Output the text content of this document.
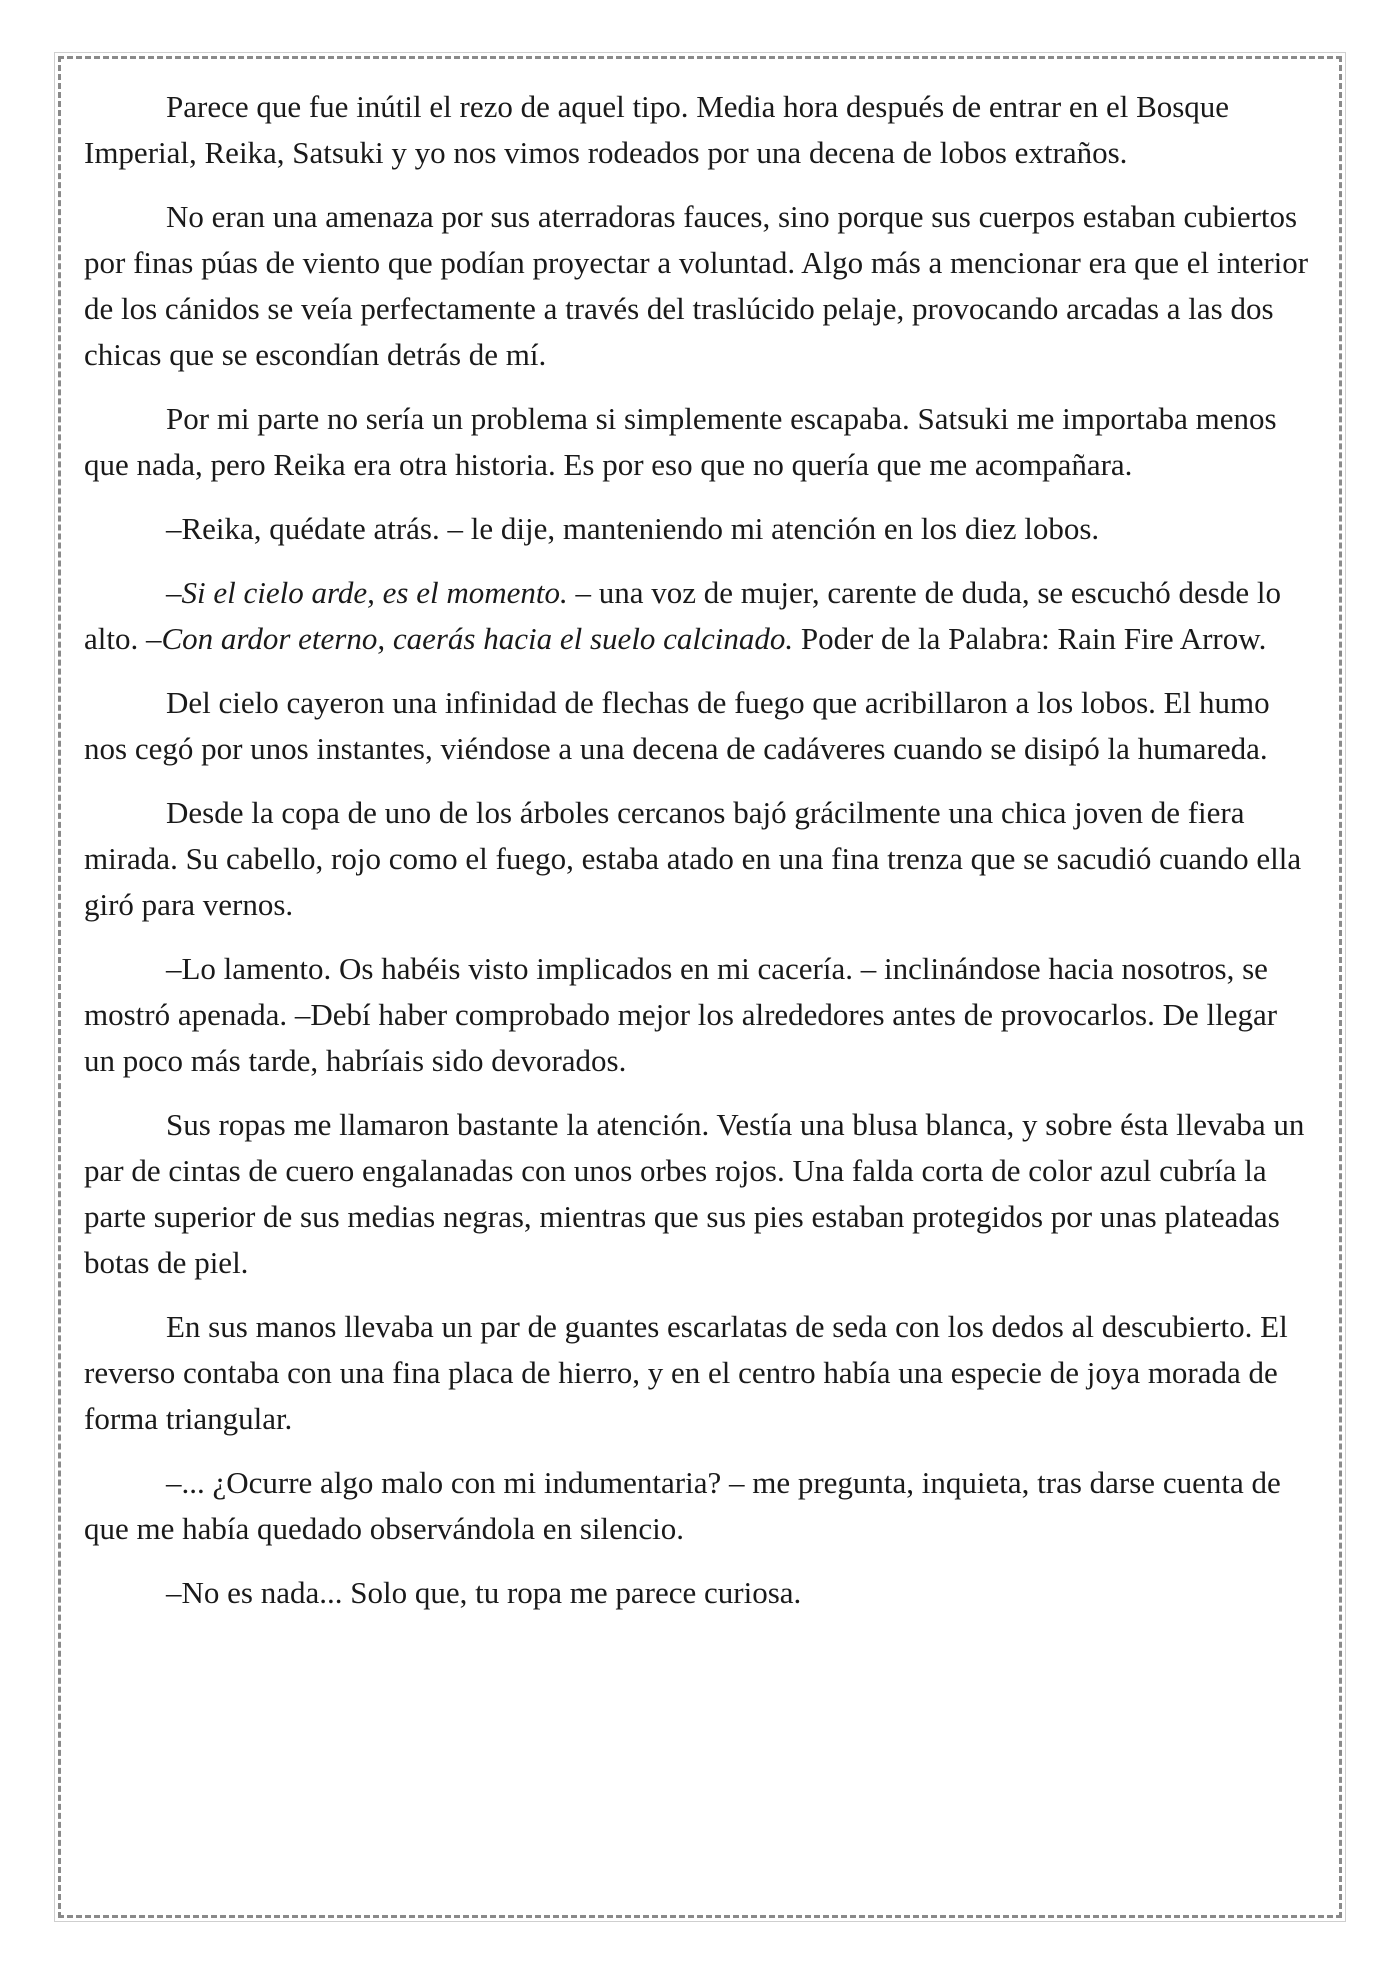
Parece que fue inútil el rezo de aquel tipo. Media hora después de entrar en el Bosque Imperial, Reika, Satsuki y yo nos vimos rodeados por una decena de lobos extraños.

No eran una amenaza por sus aterradoras fauces, sino porque sus cuerpos estaban cubiertos por finas púas de viento que podían proyectar a voluntad. Algo más a mencionar era que el interior de los cánidos se veía perfectamente a través del traslúcido pelaje, provocando arcadas a las dos chicas que se escondían detrás de mí.

Por mi parte no sería un problema si simplemente escapaba. Satsuki me importaba menos que nada, pero Reika era otra historia. Es por eso que no quería que me acompañara.

–Reika, quédate atrás. – le dije, manteniendo mi atención en los diez lobos.

–Si el cielo arde, es el momento. – una voz de mujer, carente de duda, se escuchó desde lo alto. –Con ardor eterno, caerás hacia el suelo calcinado. Poder de la Palabra: Rain Fire Arrow.

Del cielo cayeron una infinidad de flechas de fuego que acribillaron a los lobos. El humo nos cegó por unos instantes, viéndose a una decena de cadáveres cuando se disipó la humareda.

Desde la copa de uno de los árboles cercanos bajó grácilmente una chica joven de fiera mirada. Su cabello, rojo como el fuego, estaba atado en una fina trenza que se sacudió cuando ella giró para vernos.

–Lo lamento. Os habéis visto implicados en mi cacería. – inclinándose hacia nosotros, se mostró apenada. –Debí haber comprobado mejor los alrededores antes de provocarlos. De llegar un poco más tarde, habríais sido devorados.

Sus ropas me llamaron bastante la atención. Vestía una blusa blanca, y sobre ésta llevaba un par de cintas de cuero engalanadas con unos orbes rojos. Una falda corta de color azul cubría la parte superior de sus medias negras, mientras que sus pies estaban protegidos por unas plateadas botas de piel.

En sus manos llevaba un par de guantes escarlatas de seda con los dedos al descubierto. El reverso contaba con una fina placa de hierro, y en el centro había una especie de joya morada de forma triangular.

–... ¿Ocurre algo malo con mi indumentaria? – me pregunta, inquieta, tras darse cuenta de que me había quedado observándola en silencio.

–No es nada... Solo que, tu ropa me parece curiosa.
